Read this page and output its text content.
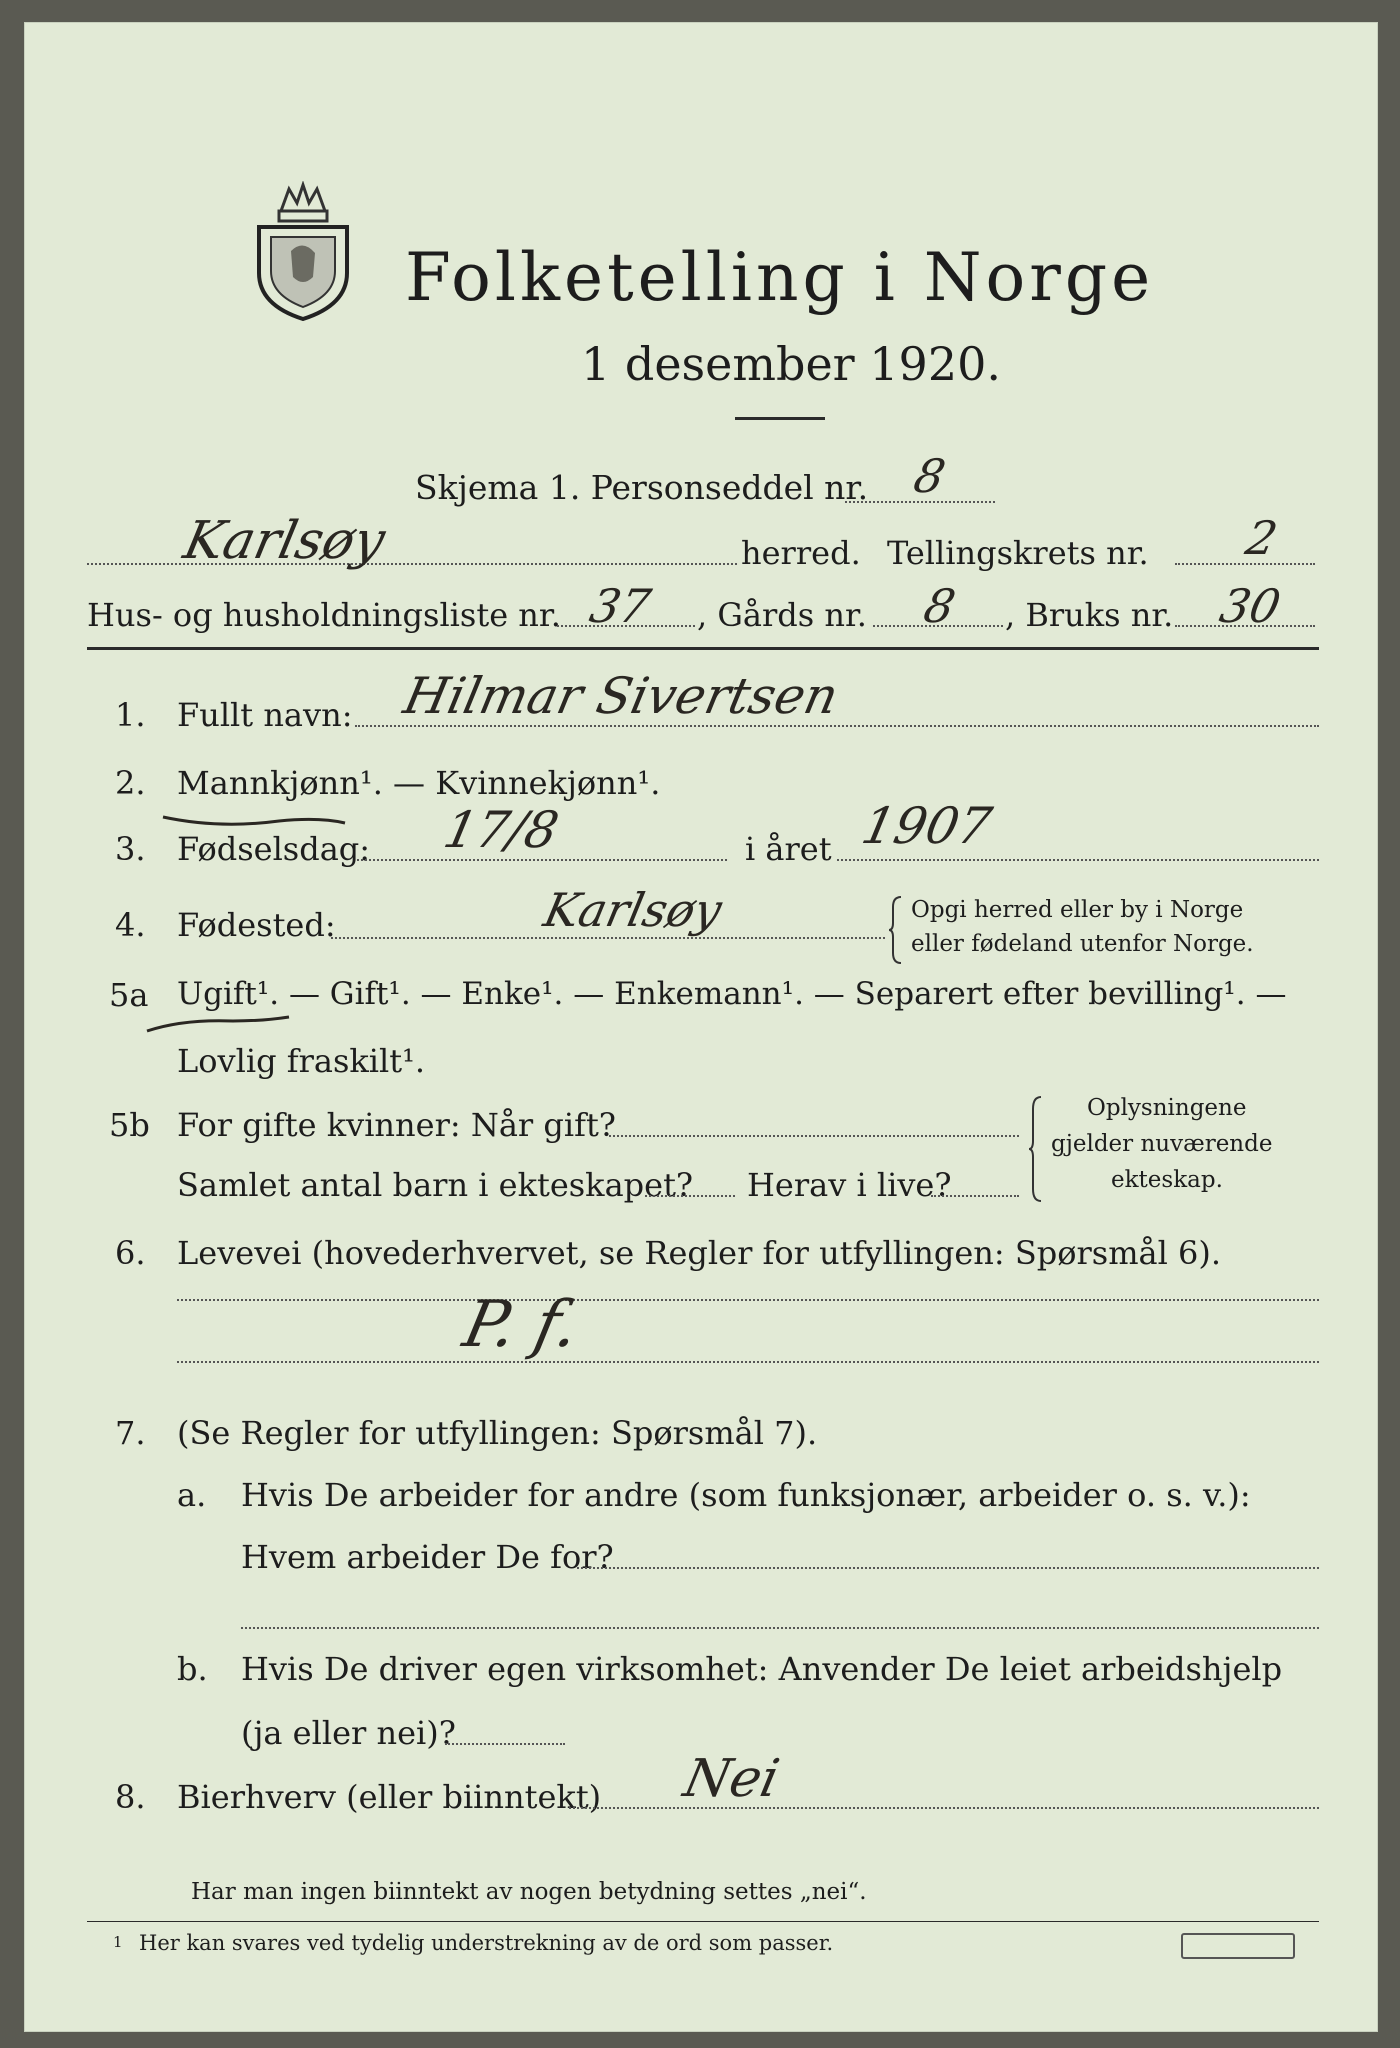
Folketelling i Norge
1 desember 1920.
Skjema 1. Personseddel nr. 8
Karlsøy	herred. Tellingskrets nr. 2
Hus- og husholdningsliste nr. 37 , Gårds nr. 8 , Bruks nr. 30
1. Fullt navn: Hilmar Sivertsen
2. Mannkjønn¹. — Kvinnekjønn¹.
3. Fødselsdag: 17/8	i året 1907
4. Fødested:	Karlsøy	Opgi herred eller by i Norge
eller fødeland utenfor Norge.
5a Ugift¹. — Gift¹. — Enke¹. — Enkemann¹. — Separert efter bevilling¹. —
Lovlig fraskilt¹.
5b For gifte kvinner: Når gift?
Samlet antal barn i ekteskapet? Herav i live?
Oplysningene
gjelder nuværende
ekteskap.
6. Levevei (hovederhvervet, se Regler for utfyllingen: Spørsmål 6).
P. f.
7. (Se Regler for utfyllingen: Spørsmål 7).
a. Hvis De arbeider for andre (som funksjonær, arbeider o. s. v.):
Hvem arbeider De for?
b. Hvis De driver egen virksomhet: Anvender De leiet arbeidshjelp
(ja eller nei)?
8. Bierhverv (eller biinntekt) Nei
Har man ingen biinntekt av nogen betydning settes „nei“.
1 Her kan svares ved tydelig understrekning av de ord som passer.
